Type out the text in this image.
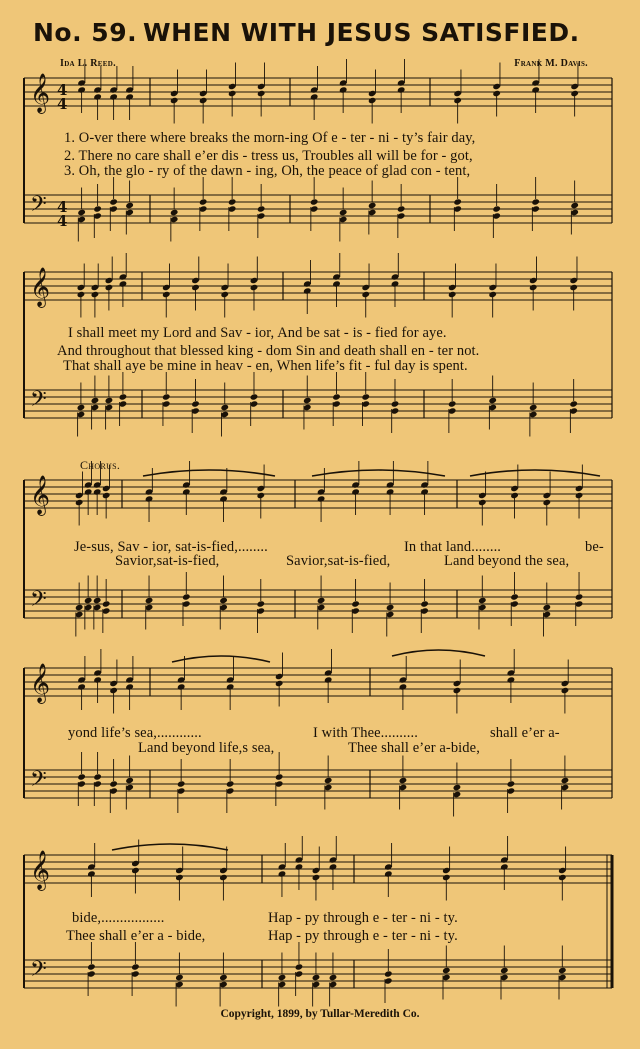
No. 59. WHEN WITH JESUS SATISFIED.
Ida L. Reed.	Frank M. Davis.
𝄞
𝄢
𝄞
𝄢
𝄞
𝄢
𝄞
𝄢
𝄞
𝄢
4
4
4
4
1. O-ver there where breaks the morn-ing Of e - ter - ni - ty’s fair day,
2. There no care shall e’er dis - tress us, Troubles all will be for - got,
3. Oh, the glo - ry of the dawn - ing, Oh, the peace of glad con - tent,
I shall meet my Lord and Sav - ior, And be sat - is - fied for aye.
And throughout that blessed king - dom Sin and death shall en - ter not.
That shall aye be mine in heav - en, When life’s fit - ful day is spent.
Chorus.
Je-sus, Sav - ior, sat-is-fied,........	In that land........	be-
Savior,sat-is-fied,	Savior,sat-is-fied,	Land beyond the sea,
yond life’s sea,............	I with Thee..........	shall e’er a-
Land beyond life,s sea,	Thee shall e’er a-bide,
bide,.................	Hap - py through e - ter - ni - ty.
Thee shall e’er a - bide,	Hap - py through e - ter - ni - ty.
Copyright, 1899, by Tullar-Meredith Co.
